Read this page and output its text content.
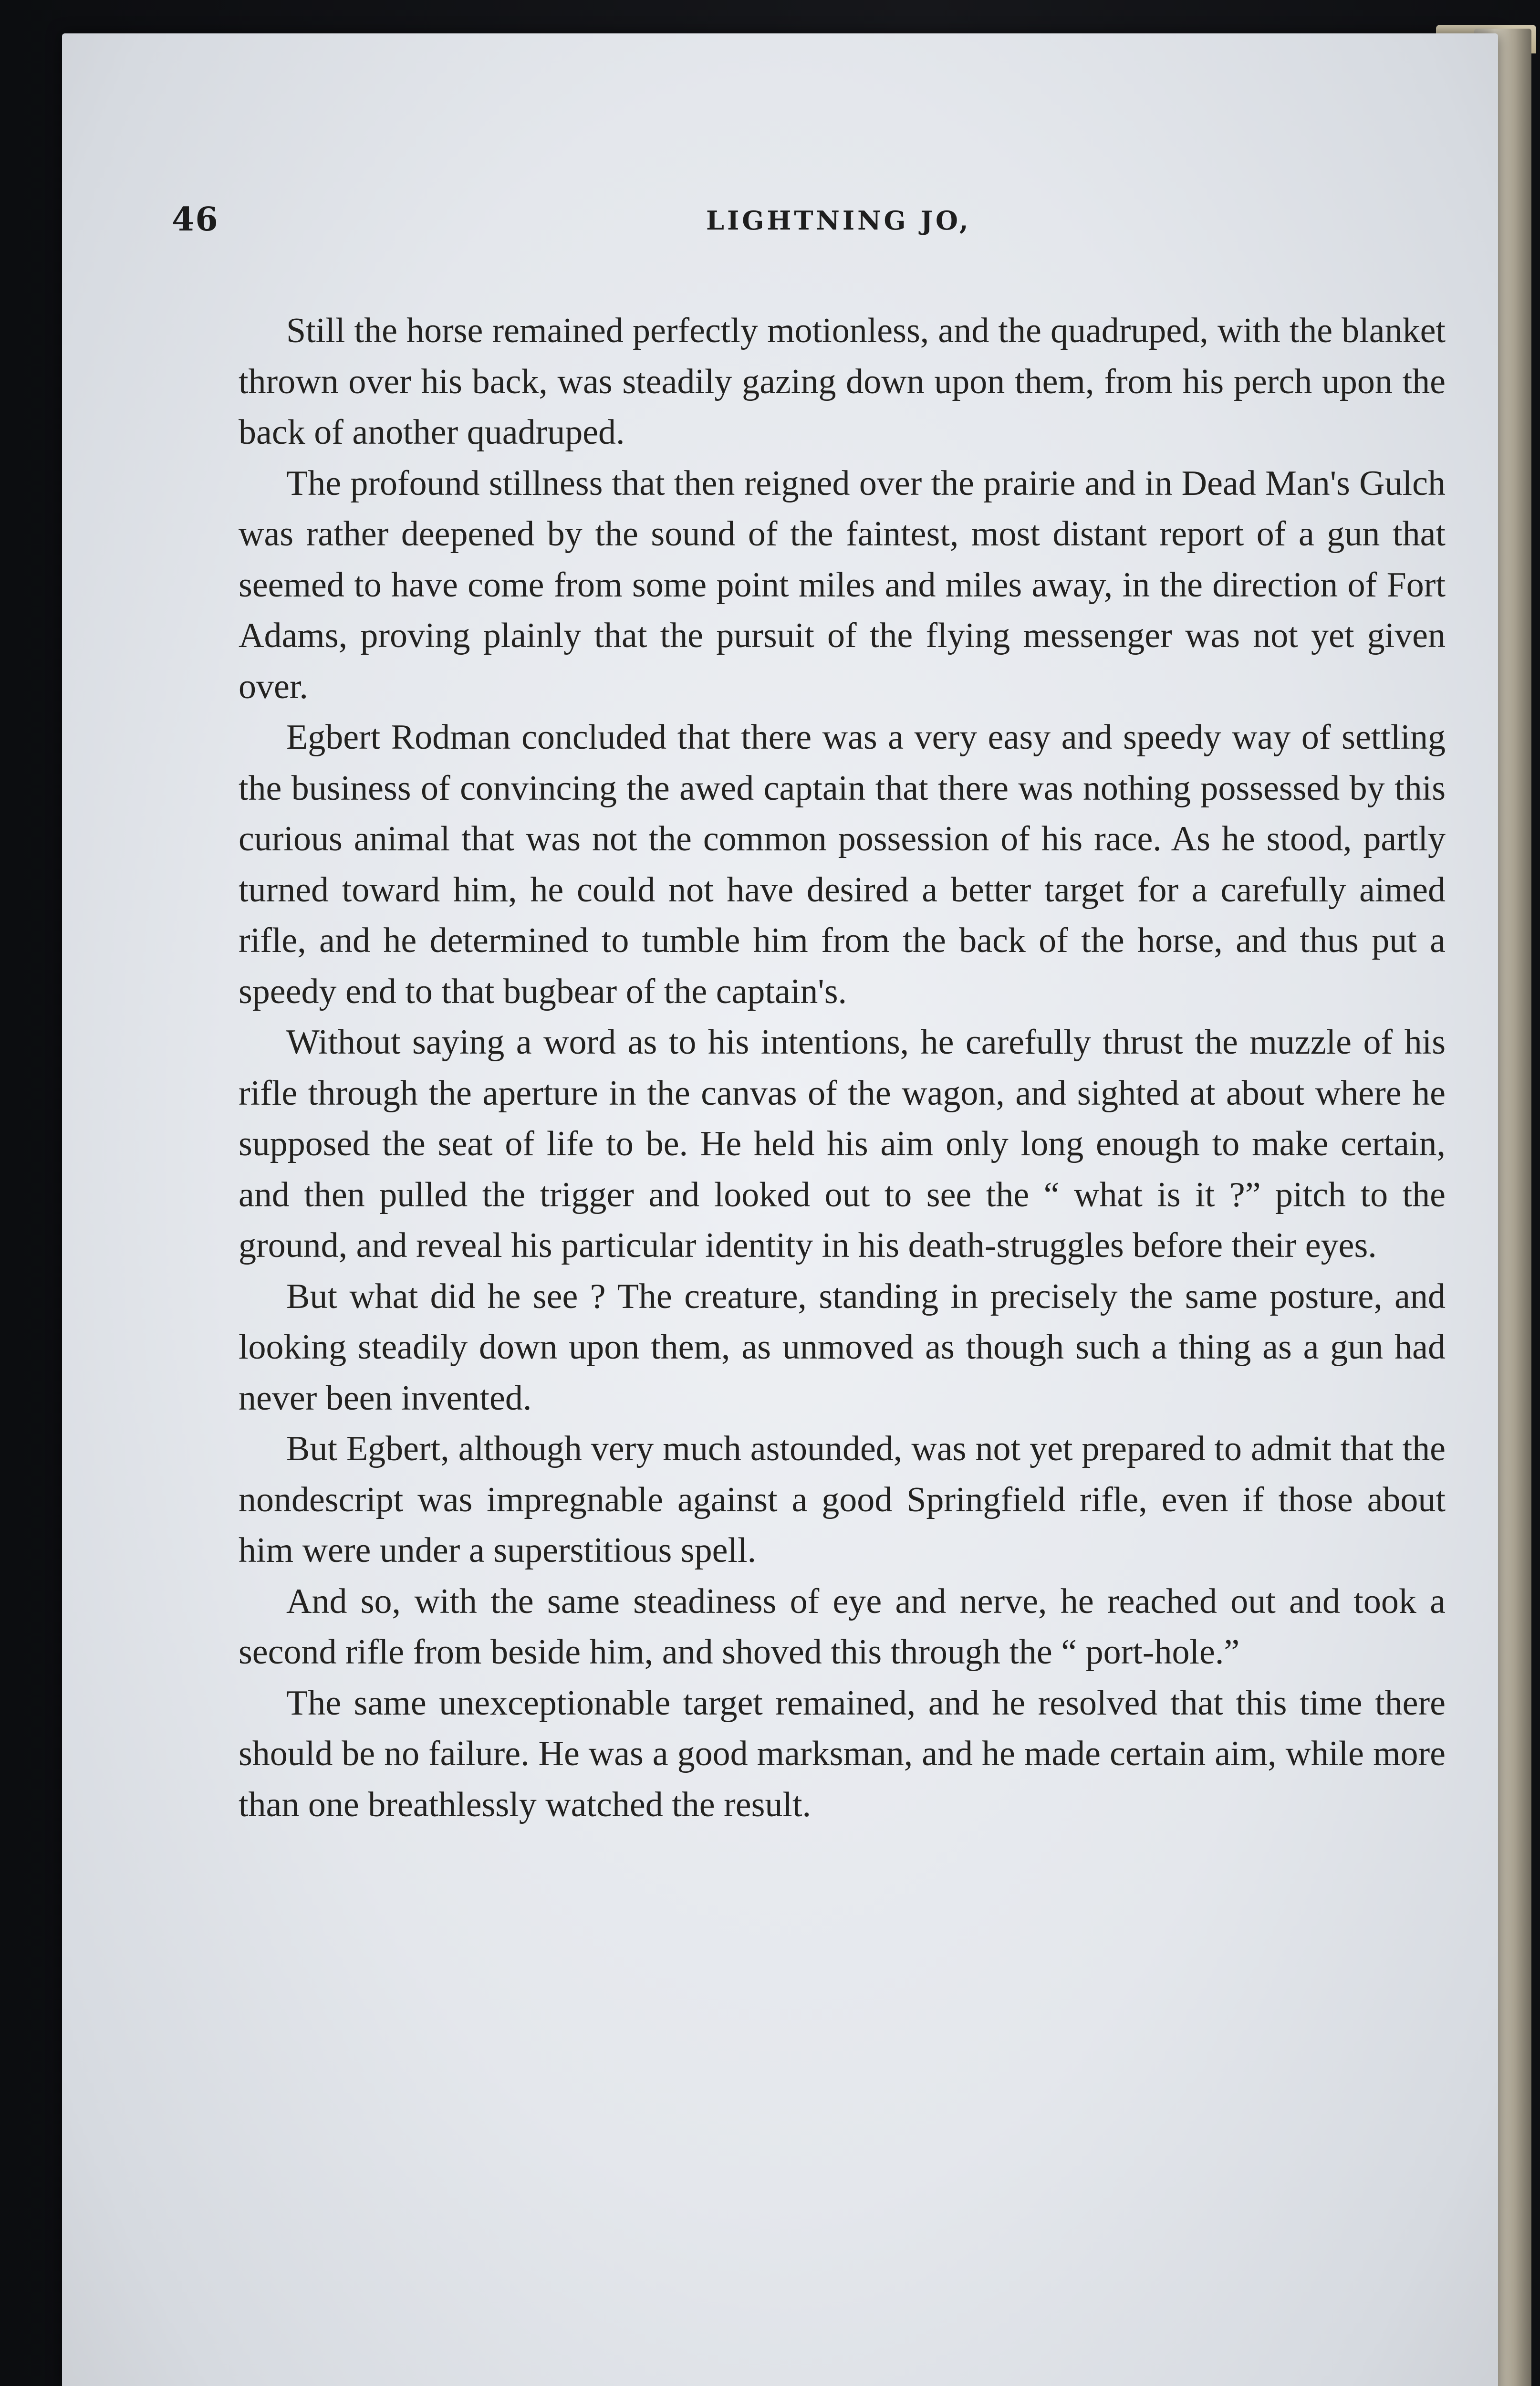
46	LIGHTNING JO,

Still the horse remained perfectly motionless, and the quadruped, with the blanket thrown over his back, was steadily gazing down upon them, from his perch upon the back of another quadruped.

The profound stillness that then reigned over the prairie and in Dead Man's Gulch was rather deepened by the sound of the faintest, most distant report of a gun that seemed to have come from some point miles and miles away, in the direction of Fort Adams, proving plainly that the pursuit of the flying messenger was not yet given over.

Egbert Rodman concluded that there was a very easy and speedy way of settling the business of convincing the awed captain that there was nothing possessed by this curious animal that was not the common possession of his race. As he stood, partly turned toward him, he could not have desired a better target for a carefully aimed rifle, and he determined to tumble him from the back of the horse, and thus put a speedy end to that bugbear of the captain's.

Without saying a word as to his intentions, he carefully thrust the muzzle of his rifle through the aperture in the canvas of the wagon, and sighted at about where he supposed the seat of life to be. He held his aim only long enough to make certain, and then pulled the trigger and looked out to see the “ what is it ?” pitch to the ground, and reveal his particular identity in his death-struggles before their eyes.

But what did he see ? The creature, standing in precisely the same posture, and looking steadily down upon them, as unmoved as though such a thing as a gun had never been invented.

But Egbert, although very much astounded, was not yet prepared to admit that the nondescript was impregnable against a good Springfield rifle, even if those about him were under a superstitious spell.

And so, with the same steadiness of eye and nerve, he reached out and took a second rifle from beside him, and shoved this through the “ port-hole.”

The same unexceptionable target remained, and he resolved that this time there should be no failure. He was a good marksman, and he made certain aim, while more than one breathlessly watched the result.
